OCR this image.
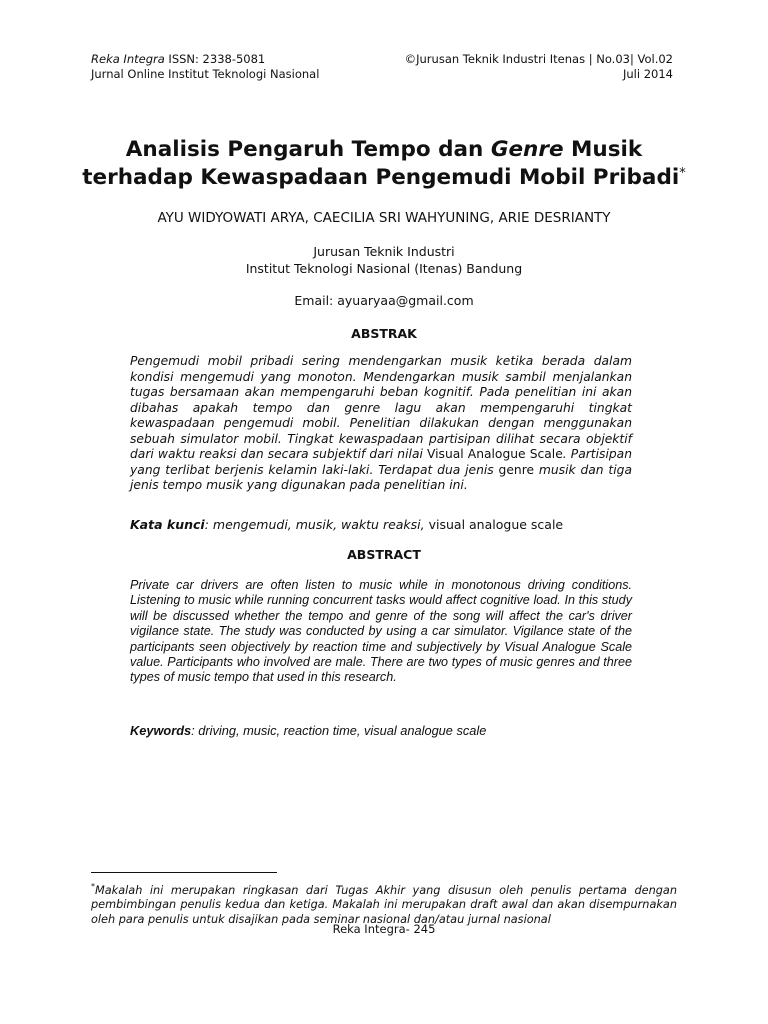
Reka Integra ISSN: 2338-5081
Jurnal Online Institut Teknologi Nasional
©Jurusan Teknik Industri Itenas | No.03| Vol.02
Juli 2014
Analisis Pengaruh Tempo dan Genre Musik
terhadap Kewaspadaan Pengemudi Mobil Pribadi*
AYU WIDYOWATI ARYA, CAECILIA SRI WAHYUNING, ARIE DESRIANTY
Jurusan Teknik Industri
Institut Teknologi Nasional (Itenas) Bandung
Email: ayuaryaa@gmail.com
ABSTRAK
Pengemudi mobil pribadi sering mendengarkan musik ketika berada dalam kondisi mengemudi yang monoton. Mendengarkan musik sambil menjalankan tugas bersamaan akan mempengaruhi beban kognitif. Pada penelitian ini akan dibahas apakah tempo dan genre lagu akan mempengaruhi tingkat kewaspadaan pengemudi mobil. Penelitian dilakukan dengan menggunakan sebuah simulator mobil. Tingkat kewaspadaan partisipan dilihat secara objektif dari waktu reaksi dan secara subjektif dari nilai Visual Analogue Scale. Partisipan yang terlibat berjenis kelamin laki-laki. Terdapat dua jenis genre musik dan tiga jenis tempo musik yang digunakan pada penelitian ini.
Kata kunci: mengemudi, musik, waktu reaksi, visual analogue scale
ABSTRACT
Private car drivers are often listen to music while in monotonous driving conditions. Listening to music while running concurrent tasks would affect cognitive load. In this study will be discussed whether the tempo and genre of the song will affect the car's driver vigilance state. The study was conducted by using a car simulator. Vigilance state of the participants seen objectively by reaction time and subjectively by Visual Analogue Scale value. Participants who involved are male. There are two types of music genres and three types of music tempo that used in this research.
Keywords: driving, music, reaction time, visual analogue scale
*Makalah ini merupakan ringkasan dari Tugas Akhir yang disusun oleh penulis pertama dengan pembimbingan penulis kedua dan ketiga. Makalah ini merupakan draft awal dan akan disempurnakan oleh para penulis untuk disajikan pada seminar nasional dan/atau jurnal nasional
Reka Integra- 245
